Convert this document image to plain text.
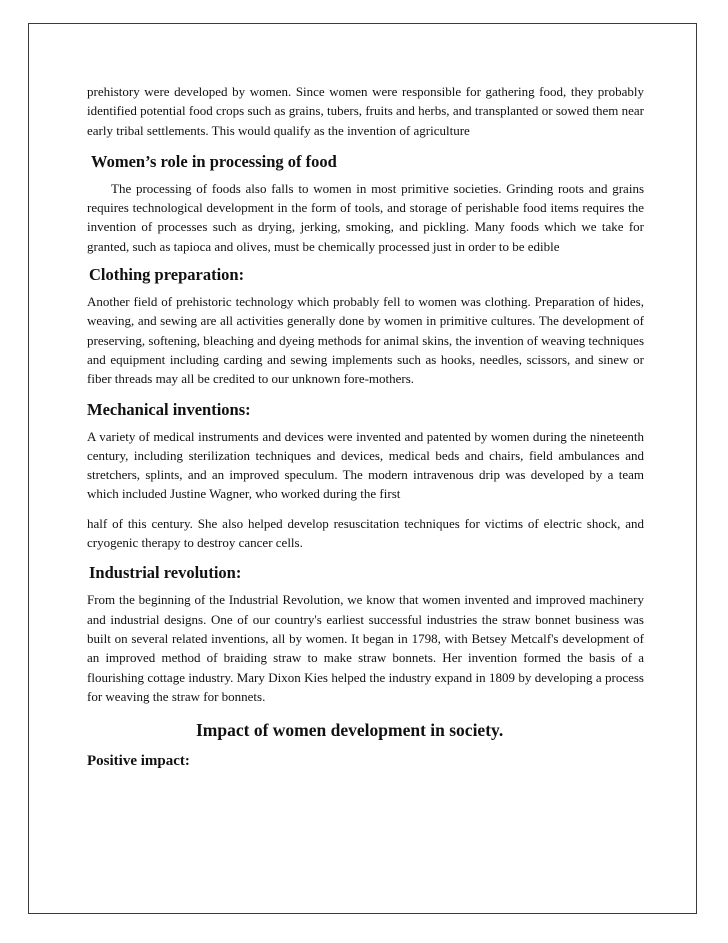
prehistory were developed by women. Since women were responsible for gathering food, they probably identified potential food crops such as grains, tubers, fruits and herbs, and transplanted or sowed them near early tribal settlements. This would qualify as the invention of agriculture

Women’s role in processing of food

The processing of foods also falls to women in most primitive societies. Grinding roots and grains requires technological development in the form of tools, and storage of perishable food items requires the invention of processes such as drying, jerking, smoking, and pickling. Many foods which we take for granted, such as tapioca and olives, must be chemically processed just in order to be edible

Clothing preparation:

Another field of prehistoric technology which probably fell to women was clothing. Preparation of hides, weaving, and sewing are all activities generally done by women in primitive cultures. The development of preserving, softening, bleaching and dyeing methods for animal skins, the invention of weaving techniques and equipment including carding and sewing implements such as hooks, needles, scissors, and sinew or fiber threads may all be credited to our unknown fore-mothers.

Mechanical inventions:

A variety of medical instruments and devices were invented and patented by women during the nineteenth century, including sterilization techniques and devices, medical beds and chairs, field ambulances and stretchers, splints, and an improved speculum. The modern intravenous drip was developed by a team which included Justine Wagner, who worked during the first

half of this century. She also helped develop resuscitation techniques for victims of electric shock, and cryogenic therapy to destroy cancer cells.

Industrial revolution:

From the beginning of the Industrial Revolution, we know that women invented and improved machinery and industrial designs. One of our country's earliest successful industries the straw bonnet business was built on several related inventions, all by women. It began in 1798, with Betsey Metcalf's development of an improved method of braiding straw to make straw bonnets. Her invention formed the basis of a flourishing cottage industry. Mary Dixon Kies helped the industry expand in 1809 by developing a process for weaving the straw for bonnets.

Impact of women development in society.
Positive impact:
